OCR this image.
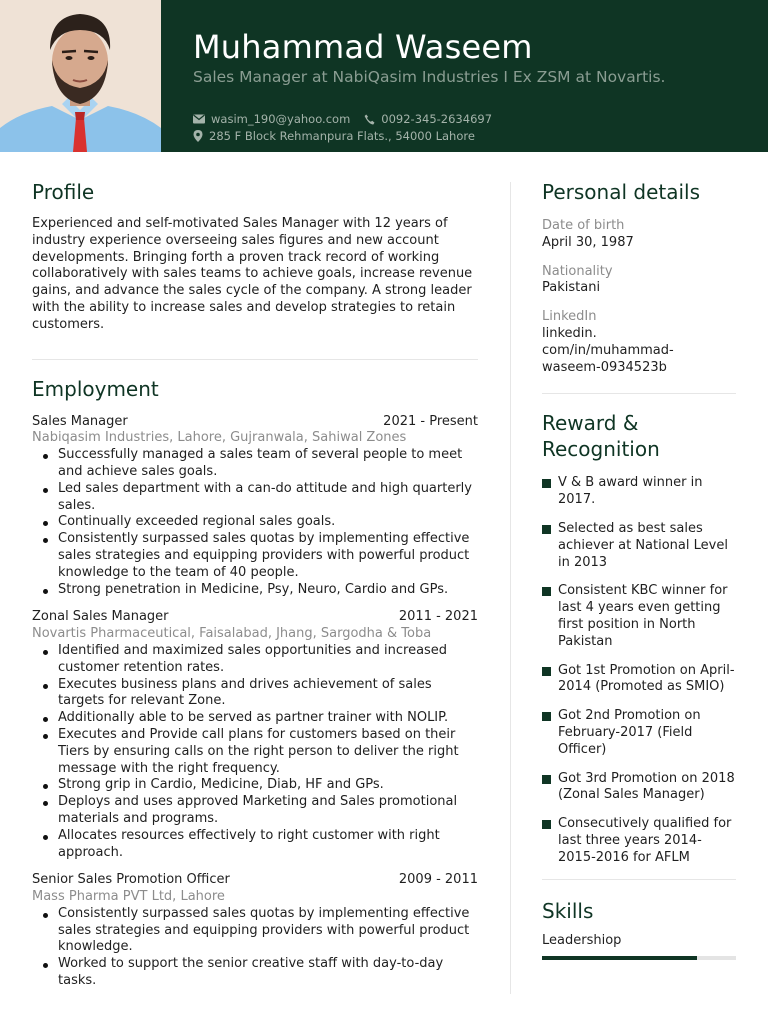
Muhammad Waseem
Sales Manager at NabiQasim Industries I Ex ZSM at Novartis.
wasim_190@yahoo.com	0092-345-2634697
285 F Block Rehmanpura Flats., 54000 Lahore
Profile
Experienced and self-motivated Sales Manager with 12 years of industry experience overseeing sales figures and new account developments. Bringing forth a proven track record of working collaboratively with sales teams to achieve goals, increase revenue gains, and advance the sales cycle of the company. A strong leader with the ability to increase sales and develop strategies to retain customers.
Employment
Sales Manager	2021 - Present
Nabiqasim Industries, Lahore, Gujranwala, Sahiwal Zones
Successfully managed a sales team of several people to meet and achieve sales goals.
Led sales department with a can-do attitude and high quarterly sales.
Continually exceeded regional sales goals.
Consistently surpassed sales quotas by implementing effective sales strategies and equipping providers with powerful product knowledge to the team of 40 people.
Strong penetration in Medicine, Psy, Neuro, Cardio and GPs.
Zonal Sales Manager	2011 - 2021
Novartis Pharmaceutical, Faisalabad, Jhang, Sargodha & Toba
Identified and maximized sales opportunities and increased customer retention rates.
Executes business plans and drives achievement of sales targets for relevant Zone.
Additionally able to be served as partner trainer with NOLIP.
Executes and Provide call plans for customers based on their Tiers by ensuring calls on the right person to deliver the right message with the right frequency.
Strong grip in Cardio, Medicine, Diab, HF and GPs.
Deploys and uses approved Marketing and Sales promotional materials and programs.
Allocates resources effectively to right customer with right approach.
Senior Sales Promotion Officer	2009 - 2011
Mass Pharma PVT Ltd, Lahore
Consistently surpassed sales quotas by implementing effective sales strategies and equipping providers with powerful product knowledge.
Worked to support the senior creative staff with day-to-day tasks.
Personal details
Date of birth
April 30, 1987
Nationality
Pakistani
LinkedIn
linkedin.
com/in/muhammad-
waseem-0934523b
Reward &
Recognition
V & B award winner in 2017.
Selected as best sales achiever at National Level in 2013
Consistent KBC winner for last 4 years even getting first position in North Pakistan
Got 1st Promotion on April-2014 (Promoted as SMIO)
Got 2nd Promotion on February-2017 (Field Officer)
Got 3rd Promotion on 2018 (Zonal Sales Manager)
Consecutively qualified for last three years 2014-2015-2016 for AFLM
Skills
Leadershiop
